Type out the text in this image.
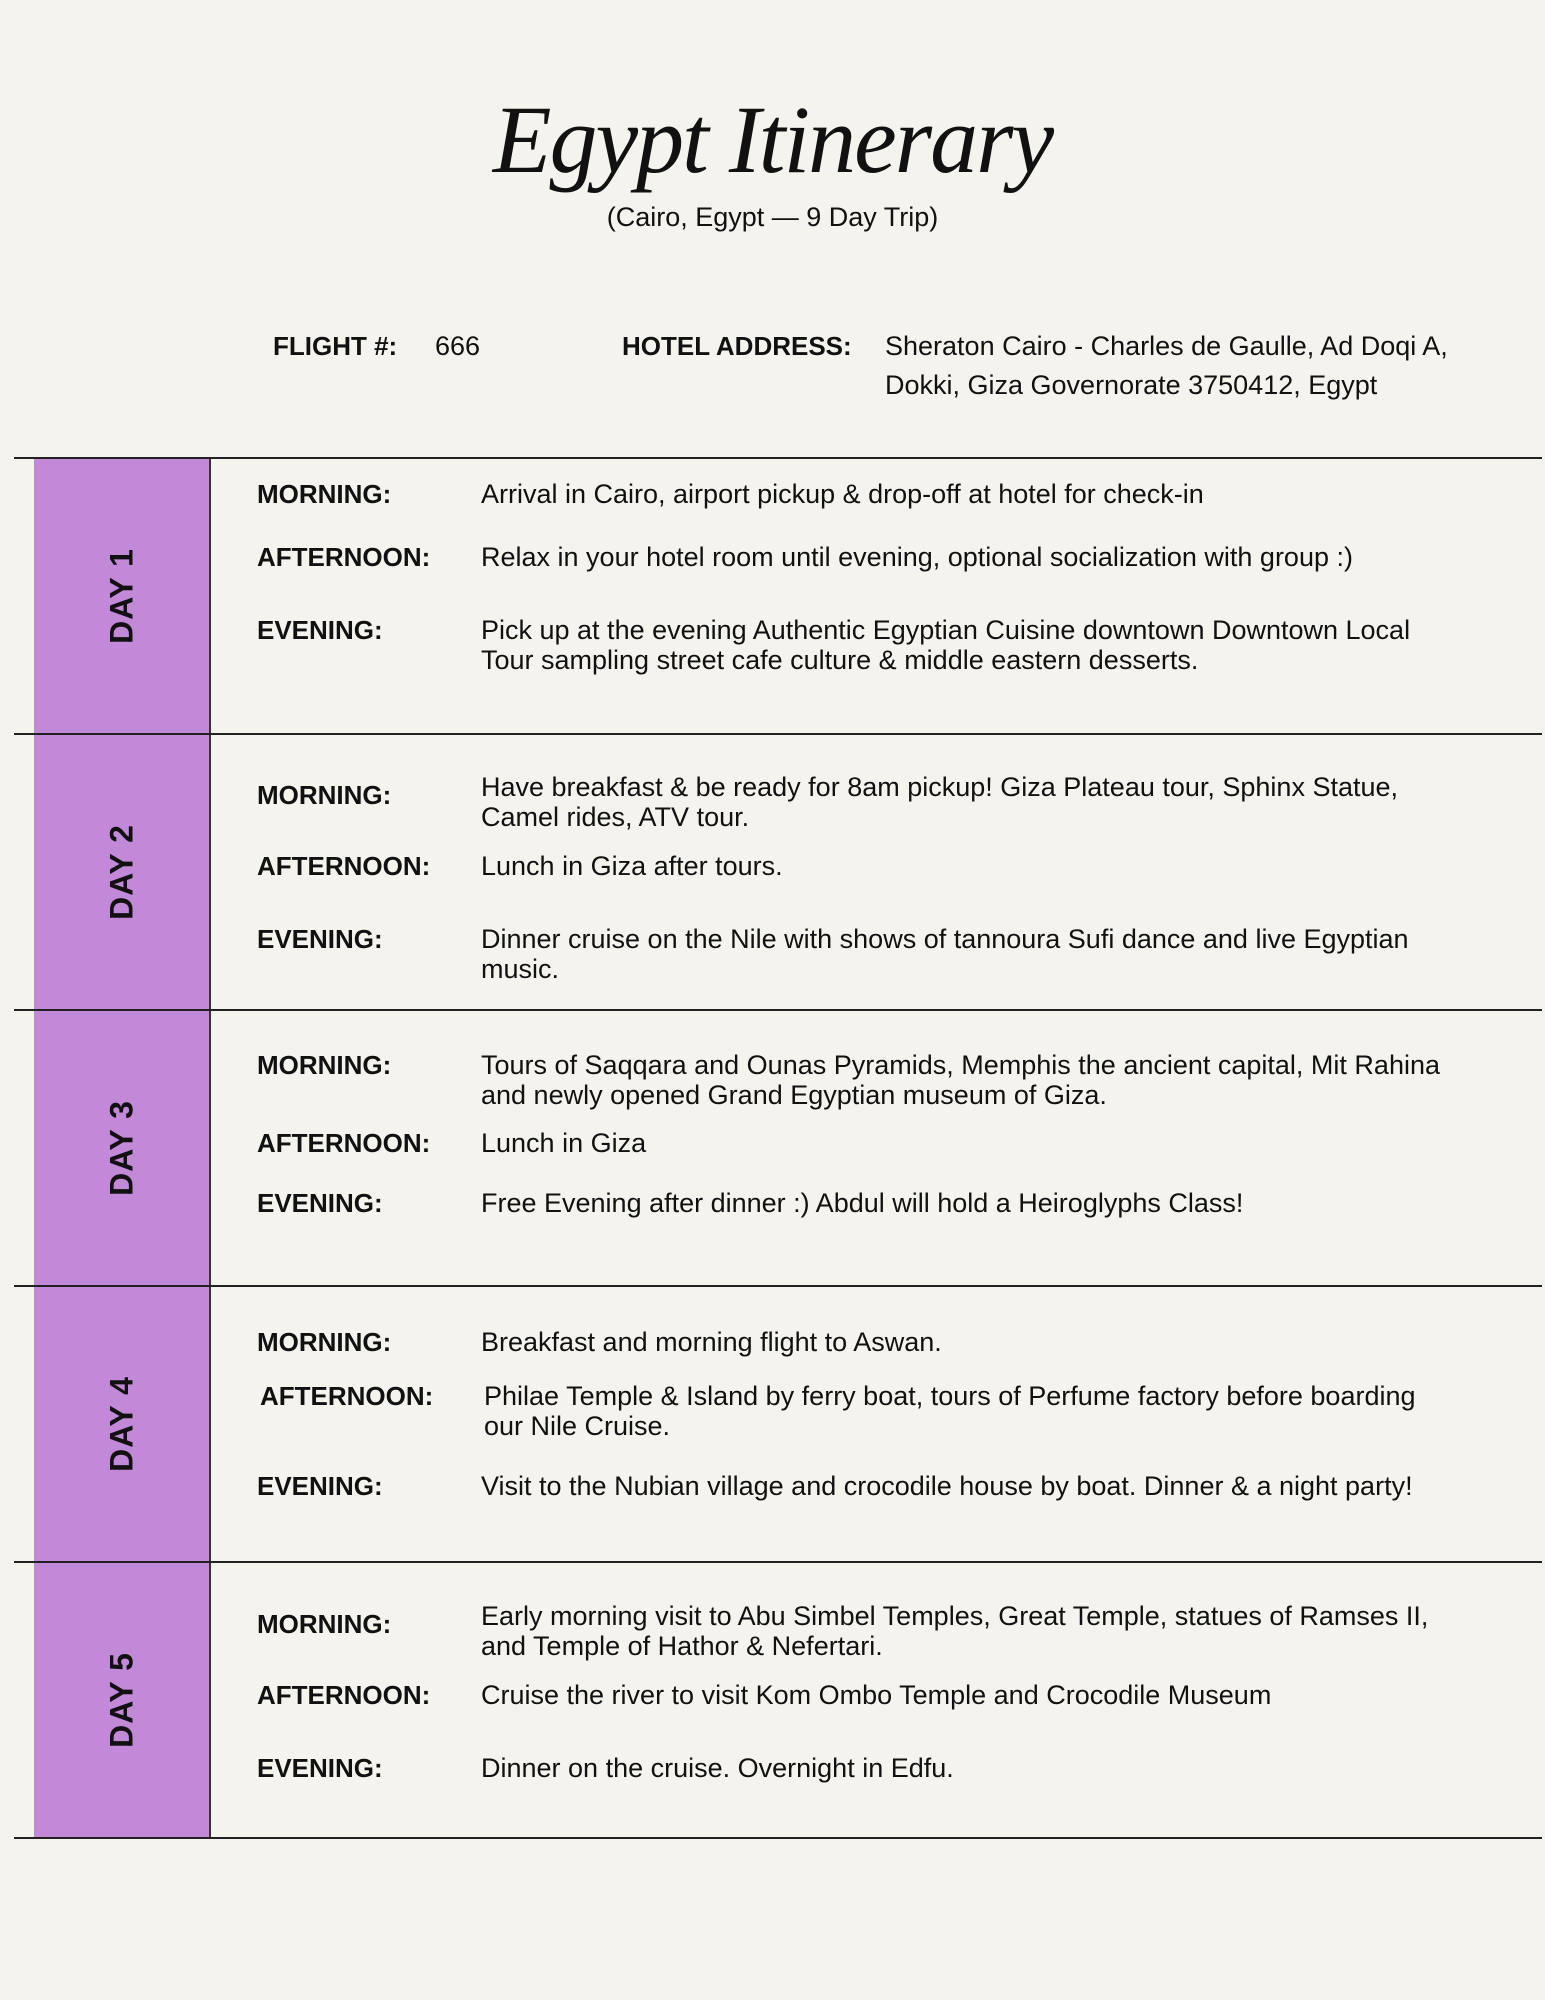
Egypt Itinerary
(Cairo, Egypt — 9 Day Trip)
FLIGHT #: 666	HOTEL ADDRESS: Sheraton Cairo - Charles de Gaulle, Ad Doqi A, Dokki, Giza Governorate 3750412, Egypt
DAY 1
MORNING:	Arrival in Cairo, airport pickup & drop-off at hotel for check-in
AFTERNOON: Relax in your hotel room until evening, optional socialization with group :)
EVENING:	Pick up at the evening Authentic Egyptian Cuisine downtown Downtown Local Tour sampling street cafe culture & middle eastern desserts.
DAY 2
MORNING:	Have breakfast & be ready for 8am pickup! Giza Plateau tour, Sphinx Statue, Camel rides, ATV tour.
AFTERNOON: Lunch in Giza after tours.
EVENING:	Dinner cruise on the Nile with shows of tannoura Sufi dance and live Egyptian music.
DAY 3
MORNING:	Tours of Saqqara and Ounas Pyramids, Memphis the ancient capital, Mit Rahina and newly opened Grand Egyptian museum of Giza.
AFTERNOON: Lunch in Giza
EVENING:	Free Evening after dinner :) Abdul will hold a Heiroglyphs Class!
DAY 4
MORNING:	Breakfast and morning flight to Aswan.
AFTERNOON: Philae Temple & Island by ferry boat, tours of Perfume factory before boarding our Nile Cruise.
EVENING:	Visit to the Nubian village and crocodile house by boat. Dinner & a night party!
DAY 5
MORNING:	Early morning visit to Abu Simbel Temples, Great Temple, statues of Ramses II, and Temple of Hathor & Nefertari.
AFTERNOON: Cruise the river to visit Kom Ombo Temple and Crocodile Museum
EVENING:	Dinner on the cruise. Overnight in Edfu.
